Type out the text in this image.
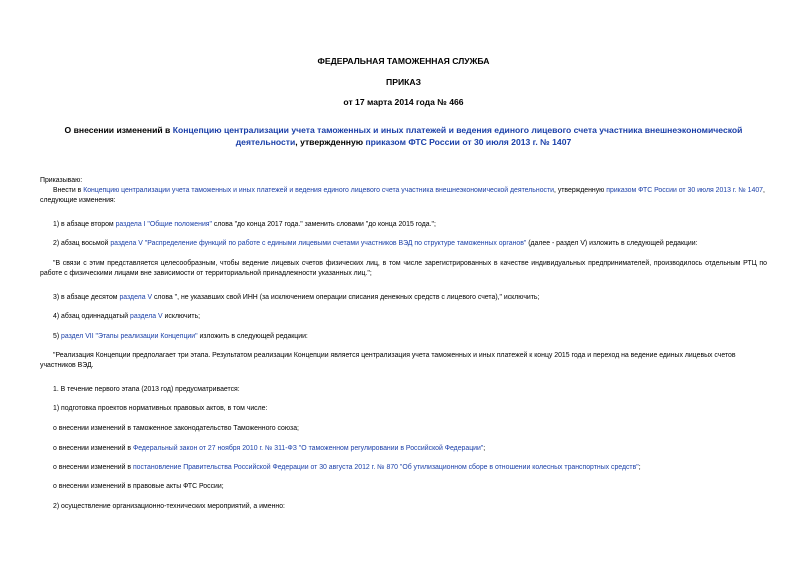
ФЕДЕРАЛЬНАЯ ТАМОЖЕННАЯ СЛУЖБА
ПРИКАЗ
от 17 марта 2014 года № 466
О внесении изменений в Концепцию централизации учета таможенных и иных платежей и ведения единого лицевого счета участника внешнеэкономической деятельности, утвержденную приказом ФТС России от 30 июля 2013 г. № 1407

Приказываю:

Внести в Концепцию централизации учета таможенных и иных платежей и ведения единого лицевого счета участника внешнеэкономической деятельности, утвержденную приказом ФТС России от 30 июля 2013 г. № 1407, следующие изменения:

1) в абзаце втором раздела I "Общие положения" слова "до конца 2017 года." заменить словами "до конца 2015 года.";

2) абзац восьмой раздела V "Распределение функций по работе с едиными лицевыми счетами участников ВЭД по структуре таможенных органов" (далее - раздел V) изложить в следующей редакции:

"В связи с этим представляется целесообразным, чтобы ведение лицевых счетов физических лиц, в том числе зарегистрированных в качестве индивидуальных предпринимателей, производилось отдельным РТЦ по работе с физическими лицами вне зависимости от территориальной принадлежности указанных лиц.";

3) в абзаце десятом раздела V слова ", не указавших свой ИНН (за исключением операции списания денежных средств с лицевого счета)," исключить;

4) абзац одиннадцатый раздела V исключить;

5) раздел VII "Этапы реализации Концепции" изложить в следующей редакции:

"Реализация Концепции предполагает три этапа. Результатом реализации Концепции является централизация учета таможенных и иных платежей к концу 2015 года и переход на ведение единых лицевых счетов участников ВЭД.

1. В течение первого этапа (2013 год) предусматривается:

1) подготовка проектов нормативных правовых актов, в том числе:

о внесении изменений в таможенное законодательство Таможенного союза;

о внесении изменений в Федеральный закон от 27 ноября 2010 г. № 311-ФЗ "О таможенном регулировании в Российской Федерации";

о внесении изменений в постановление Правительства Российской Федерации от 30 августа 2012 г. № 870 "Об утилизационном сборе в отношении колесных транспортных средств";

о внесении изменений в правовые акты ФТС России;

2) осуществление организационно-технических мероприятий, а именно:
